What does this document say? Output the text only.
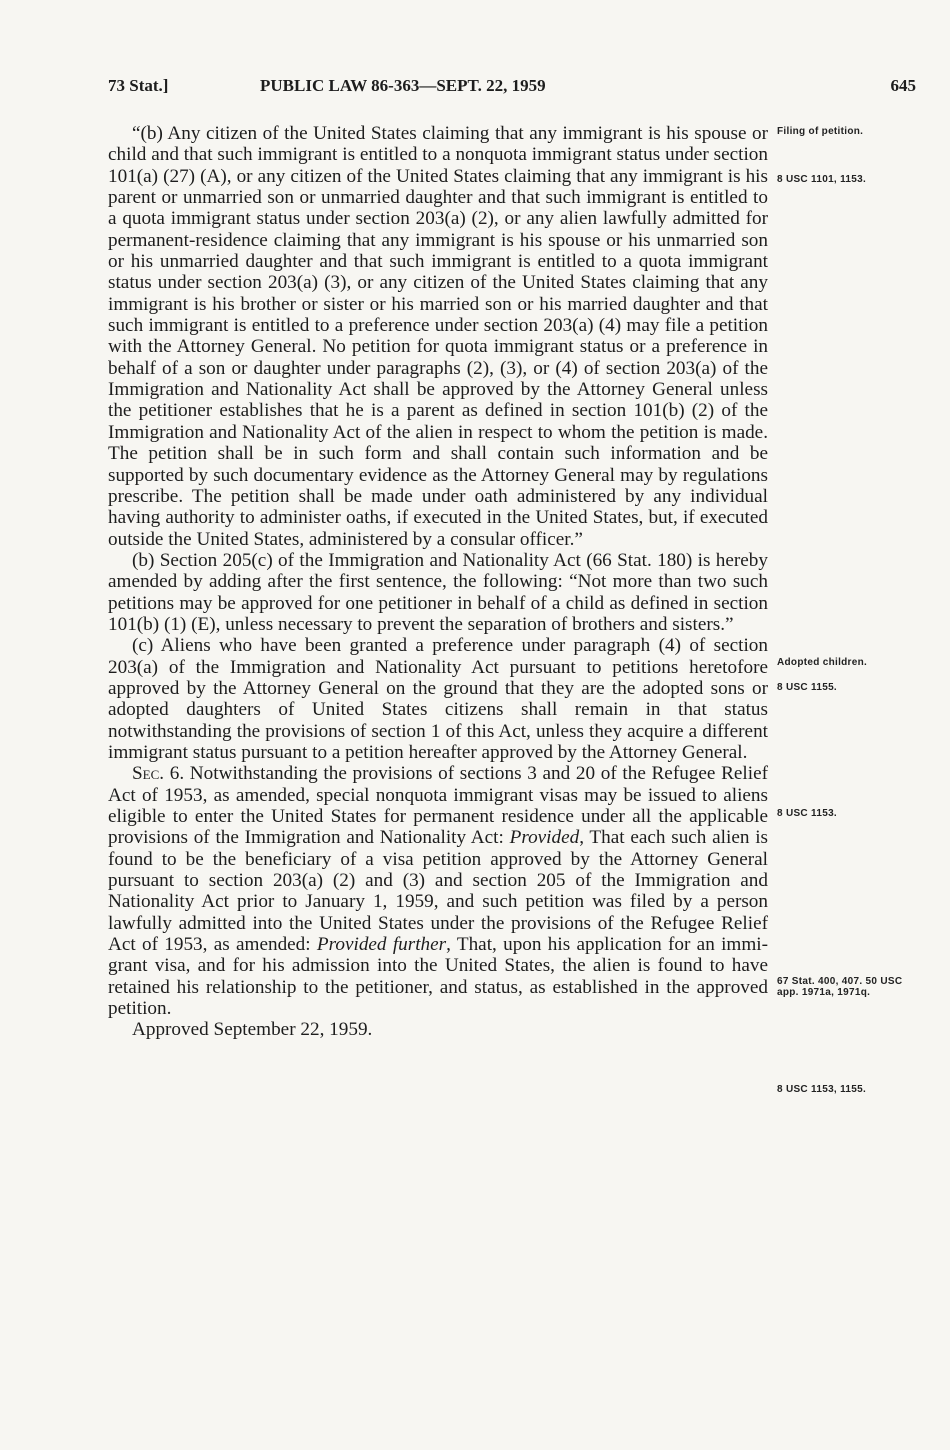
73 Stat.]	PUBLIC LAW 86-363—SEPT. 22, 1959	645

“(b) Any citizen of the United States claiming that any immigrant is his spouse or child and that such immigrant is entitled to a nonquota immigrant status under section 101(a) (27) (A), or any citizen of the United States claiming that any immigrant is his parent or unmarried son or unmarried daughter and that such immigrant is entitled to a quota immigrant status under section 203(a) (2), or any alien lawfully admitted for permanent-residence claiming that any immigrant is his spouse or his unmarried son or his unmarried daughter and that such immigrant is entitled to a quota immigrant status under section 203(a) (3), or any citizen of the United States claiming that any immigrant is his brother or sister or his married son or his married daughter and that such immigrant is entitled to a preference under section 203(a) (4) may file a petition with the Attorney General. No petition for quota immigrant status or a preference in behalf of a son or daughter under paragraphs (2), (3), or (4) of section 203(a) of the Immigration and Nationality Act shall be approved by the Attorney General unless the petitioner establishes that he is a parent as defined in section 101(b) (2) of the Immigration and Nationality Act of the alien in respect to whom the petition is made. The petition shall be in such form and shall contain such information and be supported by such documentary evidence as the Attorney General may by regulations prescribe. The petition shall be made under oath administered by any individual having authority to administer oaths, if executed in the United States, but, if executed outside the United States, administered by a consular officer.”

(b) Section 205(c) of the Immigration and Nationality Act (66 Stat. 180) is hereby amended by adding after the first sentence, the following: “Not more than two such petitions may be approved for one petitioner in behalf of a child as defined in section 101(b) (1) (E), unless necessary to prevent the separation of brothers and sisters.”

(c) Aliens who have been granted a preference under paragraph (4) of section 203(a) of the Immigration and Nationality Act pursuant to petitions heretofore approved by the Attorney General on the ground that they are the adopted sons or adopted daughters of United States citizens shall remain in that status notwithstanding the provisions of section 1 of this Act, unless they acquire a different immigrant status pursuant to a petition hereafter approved by the Attorney General.

Sec. 6. Notwithstanding the provisions of sections 3 and 20 of the Refugee Relief Act of 1953, as amended, special nonquota immigrant visas may be issued to aliens eligible to enter the United States for permanent residence under all the applicable provisions of the Immigration and Nationality Act: Provided, That each such alien is found to be the beneficiary of a visa petition approved by the Attorney General pursuant to section 203(a) (2) and (3) and section 205 of the Immigration and Nationality Act prior to January 1, 1959, and such petition was filed by a person lawfully admitted into the United States under the provisions of the Refugee Relief Act of 1953, as amended: Provided further, That, upon his application for an immigrant visa, and for his admission into the United States, the alien is found to have retained his relationship to the petitioner, and status, as established in the approved petition.

Approved September 22, 1959.

Filing of petition.
8 USC 1101, 1153.
Adopted children.
8 USC 1155.
8 USC 1153.
67 Stat. 400, 407. 50 USC app. 1971a, 1971q.
8 USC 1153, 1155.
